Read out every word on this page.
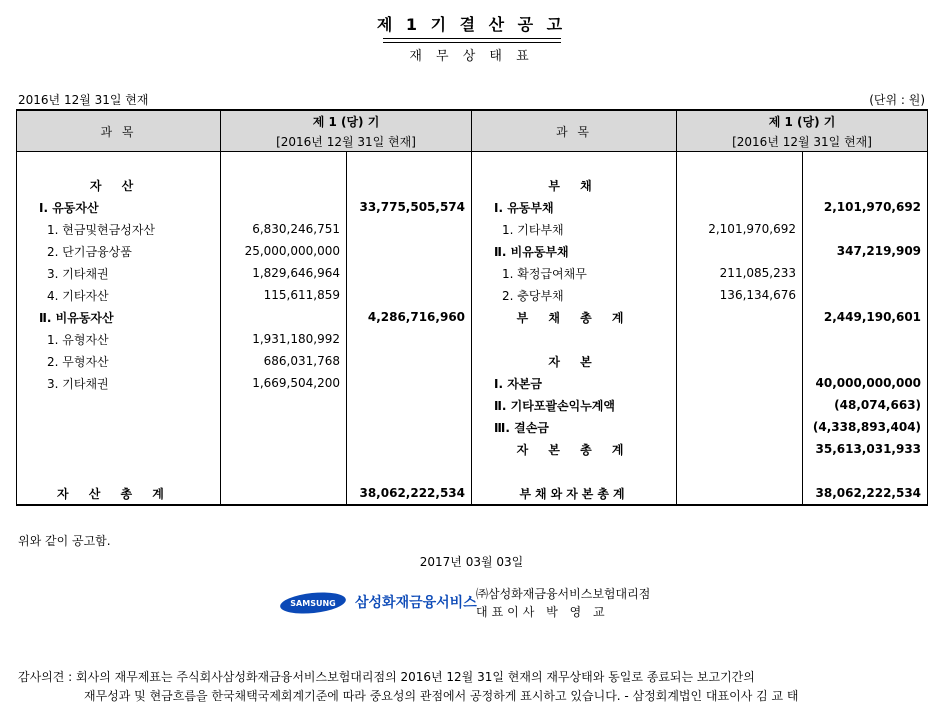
제 1 기 결 산 공 고
재 무 상 태 표
2016년 12월 31일 현재	(단위 : 원)
과 목	제 1 (당) 기		과 목	제 1 (당) 기	
	[2016년 12월 31일 현재]			[2016년 12월 31일 현재]	

자 산			부 채		
Ⅰ. 유동자산		33,775,505,574	Ⅰ. 유동부채		2,101,970,692
1. 현금및현금성자산	6,830,246,751		1. 기타부채	2,101,970,692	
2. 단기금융상품	25,000,000,000		Ⅱ. 비유동부채		347,219,909
3. 기타채권	1,829,646,964		1. 확정급여채무	211,085,233	
4. 기타자산	115,611,859		2. 충당부채	136,134,676	
Ⅱ. 비유동자산		4,286,716,960	부 채 총 계		2,449,190,601
1. 유형자산	1,931,180,992				
2. 무형자산	686,031,768		자 본		
3. 기타채권	1,669,504,200		Ⅰ. 자본금		40,000,000,000
			Ⅱ. 기타포괄손익누계액		(48,074,663)
			Ⅲ. 결손금		(4,338,893,404)
			자 본 총 계		35,613,031,933

자 산 총 계		38,062,222,534	부채와자본총계		38,062,222,534
위와 같이 공고함.
2017년 03월 03일
SAMSUNG 삼성화재금융서비스
㈜삼성화재금융서비스보험대리점
대표이사 박 영 교
감사의견 : 회사의 재무제표는 주식회사삼성화재금융서비스보험대리점의 2016년 12월 31일 현재의 재무상태와 동일로 종료되는 보고기간의
재무성과 및 현금흐름을 한국채택국제회계기준에 따라 중요성의 관점에서 공정하게 표시하고 있습니다. - 삼정회계법인 대표이사 김 교 태
